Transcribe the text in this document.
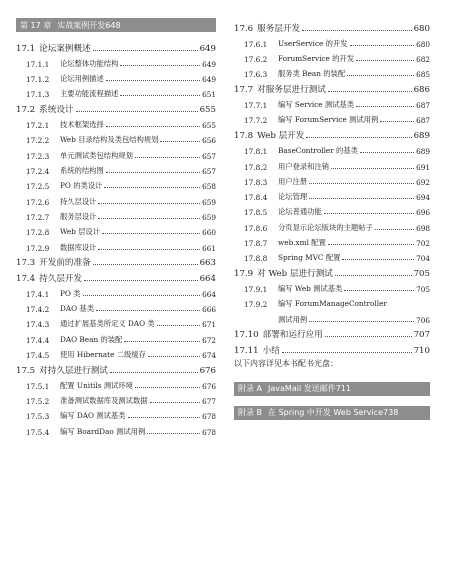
第 17 章 实战案例开发 648
17.1 论坛案例概述	649
17.1.1	论坛整体功能结构	649
17.1.2	论坛用例描述	649
17.1.3	主要功能流程描述	651
17.2 系统设计	655
17.2.1	技术框架选择	655
17.2.2	Web 目录结构及类包结构规划	656
17.2.3	单元测试类包结构规划	657
17.2.4	系统的结构图	657
17.2.5	PO 的类设计	658
17.2.6	持久层设计	659
17.2.7	服务层设计	659
17.2.8	Web 层设计	660
17.2.9	数据库设计	661
17.3 开发前的准备	663
17.4 持久层开发	664
17.4.1	PO 类	664
17.4.2	DAO 基类	666
17.4.3	通过扩展基类所定义 DAO 类	671
17.4.4	DAO Bean 的装配	672
17.4.5	使用 Hibernate 二级缓存	674
17.5 对持久层进行测试	676
17.5.1	配置 Unitils 测试环境	676
17.5.2	准备测试数据库及测试数据	677
17.5.3	编写 DAO 测试基类	678
17.5.4	编写 BoardDao 测试用例	678
17.6 服务层开发	680
17.6.1	UserService 的开发	680
17.6.2	ForumService 的开发	682
17.6.3	服务类 Bean 的装配	685
17.7 对服务层进行测试	686
17.7.1	编写 Service 测试基类	687
17.7.2	编写 ForumService 测试用例	687
17.8 Web 层开发	689
17.8.1	BaseController 的基类	689
17.8.2	用户登录和注销	691
17.8.3	用户注册	692
17.8.4	论坛管理	694
17.8.5	论坛普通功能	696
17.8.6	分页显示论坛版块的主题帖子	698
17.8.7	web.xml 配置	702
17.8.8	Spring MVC 配置	704
17.9 对 Web 层进行测试	705
17.9.1	编写 Web 测试基类	705
17.9.2	编写 ForumManageController
测试用例	706
17.10 部署和运行应用	707
17.11 小结	710
以下内容详见本书配书光盘：
附录 A JavaMail 发送邮件 711
附录 B 在 Spring 中开发 Web Service 738
